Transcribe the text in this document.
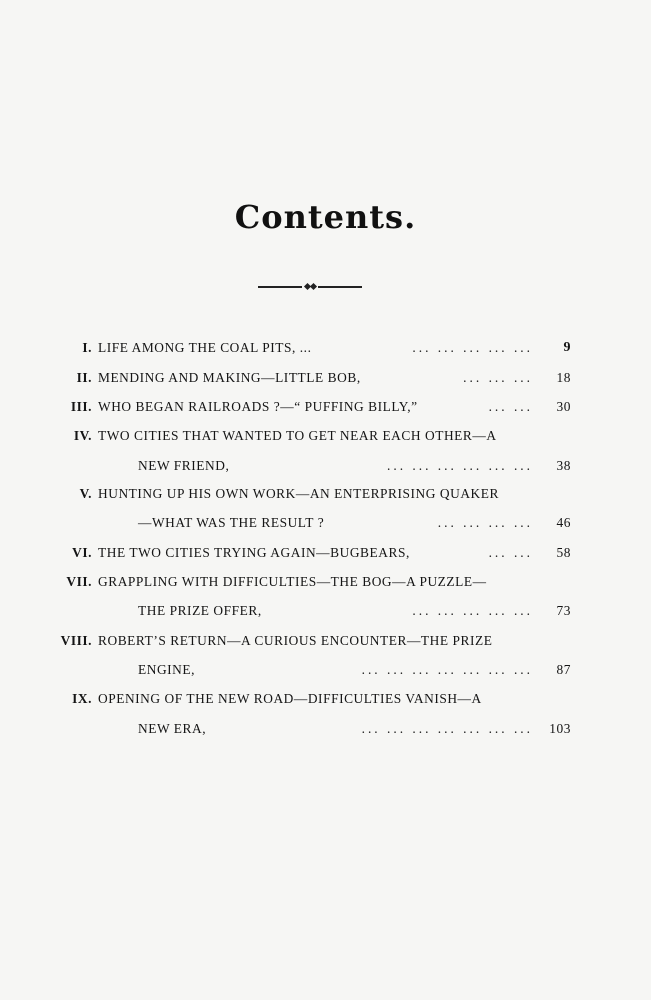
Contents.
I. LIFE AMONG THE COAL PITS, ...	... ... ... ... ... 9
II. MENDING AND MAKING—LITTLE BOB,	... ... ... 18
III. WHO BEGAN RAILROADS ?—“ PUFFING BILLY,”	... ... 30
IV. TWO CITIES THAT WANTED TO GET NEAR EACH OTHER—A
NEW FRIEND,	... ... ... ... ... ... 38
V. HUNTING UP HIS OWN WORK—AN ENTERPRISING QUAKER
—WHAT WAS THE RESULT ?	... ... ... ... 46
VI. THE TWO CITIES TRYING AGAIN—BUGBEARS,	... ... 58
VII. GRAPPLING WITH DIFFICULTIES—THE BOG—A PUZZLE—
THE PRIZE OFFER,	... ... ... ... ... 73
VIII. ROBERT’S RETURN—A CURIOUS ENCOUNTER—THE PRIZE
ENGINE,	... ... ... ... ... ... ... 87
IX. OPENING OF THE NEW ROAD—DIFFICULTIES VANISH—A
NEW ERA,	... ... ... ... ... ... ... 103
